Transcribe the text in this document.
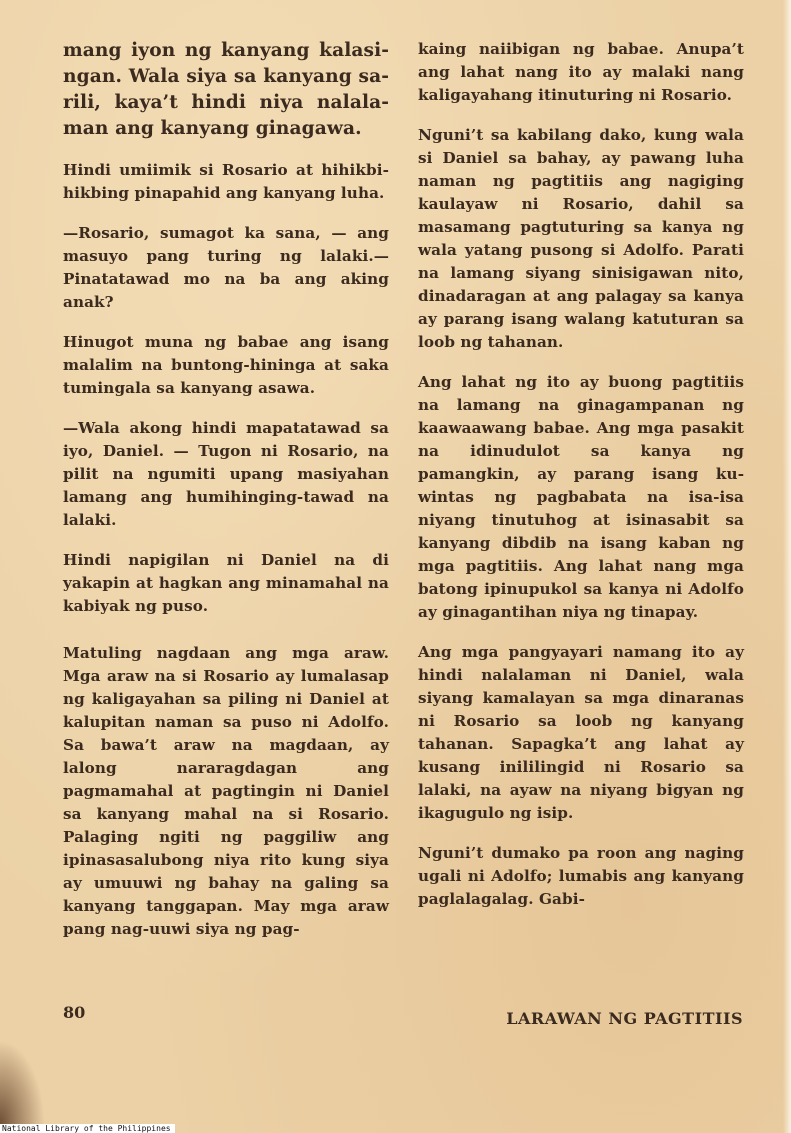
mang iyon ng kanyang kalasingan. Wala siya sa kanyang sarili, kaya’t hindi niya nalalaman ang kanyang ginagawa.

Hindi umiimik si Rosario at hihikbi-hikbing pinapahid ang kanyang luha.

—Rosario, sumagot ka sana, — ang masuyo pang turing ng lalaki.—Pinatatawad mo na ba ang aking anak?

Hinugot muna ng babae ang isang malalim na buntong-hininga at saka tumingala sa kanyang asawa.

—Wala akong hindi mapatatawad sa iyo, Daniel. — Tugon ni Rosario, na pilit na ngumiti upang masiyahan lamang ang humihinging-tawad na lalaki.

Hindi napigilan ni Daniel na di yakapin at hagkan ang minamahal na kabiyak ng puso.

Matuling nagdaan ang mga araw. Mga araw na si Rosario ay lumalasap ng kaligayahan sa piling ni Daniel at kalupitan naman sa puso ni Adolfo. Sa bawa’t araw na magdaan, ay lalong nararagdagan ang pagmamahal at pagtingin ni Daniel sa kanyang mahal na si Rosario. Palaging ngiti ng paggiliw ang ipinasasalubong niya rito kung siya ay umuuwi ng bahay na galing sa kanyang tanggapan. May mga araw pang nag-uuwi siya ng pag-

kaing naiibigan ng babae. Anupa’t ang lahat nang ito ay malaki nang kaligayahang itinuturing ni Rosario.

Nguni’t sa kabilang dako, kung wala si Daniel sa bahay, ay pawang luha naman ng pagtitiis ang nagiging kaulayaw ni Rosario, dahil sa masamang pagtuturing sa kanya ng wala yatang pusong si Adolfo. Parati na lamang siyang sinisigawan nito, dinadaragan at ang palagay sa kanya ay parang isang walang katuturan sa loob ng tahanan.

Ang lahat ng ito ay buong pagtitiis na lamang na ginagampanan ng kaawaawang babae. Ang mga pasakit na idinudulot sa kanya ng pamangkin, ay parang isang kuwintas ng pagbabata na isa-isa niyang tinutuhog at isinasabit sa kanyang dibdib na isang kaban ng mga pagtitiis. Ang lahat nang mga batong ipinupukol sa kanya ni Adolfo ay ginagantihan niya ng tinapay.

Ang mga pangyayari namang ito ay hindi nalalaman ni Daniel, wala siyang kamalayan sa mga dinaranas ni Rosario sa loob ng kanyang tahanan. Sapagka’t ang lahat ay kusang inililingid ni Rosario sa lalaki, na ayaw na niyang bigyan ng ikagugulo ng isip.

Nguni’t dumako pa roon ang naging ugali ni Adolfo; lumabis ang kanyang paglalagalag. Gabi-

80	LARAWAN NG PAGTITIIS
National Library of the Philippines
